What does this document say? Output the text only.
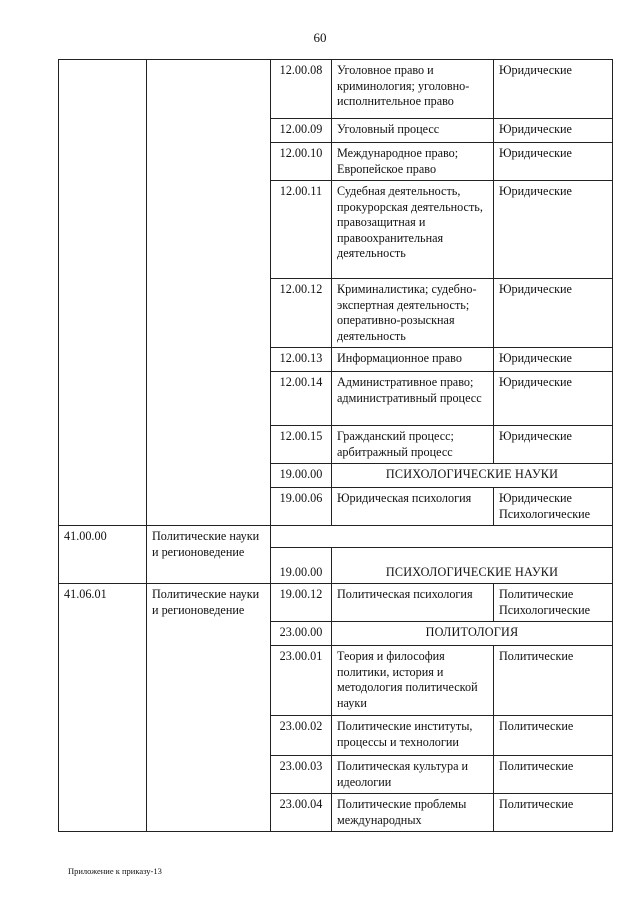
60
		12.00.08	Уголовное право и криминология; уголовно-исполнительное право	Юридические
		12.00.09	Уголовный процесс	Юридические
		12.00.10	Международное право; Европейское право	Юридические
		12.00.11	Судебная деятельность, прокурорская деятельность, правозащитная и правоохранительная деятельность	Юридические
		12.00.12	Криминалистика; судебно-экспертная деятельность; оперативно-розыскная деятельность	Юридические
		12.00.13	Информационное право	Юридические
		12.00.14	Административное право; административный процесс	Юридические
		12.00.15	Гражданский процесс; арбитражный процесс	Юридические
		19.00.00	ПСИХОЛОГИЧЕСКИЕ НАУКИ	
		19.00.06	Юридическая психология	Юридические Психологические
41.00.00	Политические науки и регионоведение			
		19.00.00	ПСИХОЛОГИЧЕСКИЕ НАУКИ	
41.06.01	Политические науки и регионоведение	19.00.12	Политическая психология	Политические Психологические
		23.00.00	ПОЛИТОЛОГИЯ	
		23.00.01	Теория и философия политики, история и методология политической науки	Политические
		23.00.02	Политические институты, процессы и технологии	Политические
		23.00.03	Политическая культура и идеологии	Политические
		23.00.04	Политические проблемы международных	Политические
Приложение к приказу-13
